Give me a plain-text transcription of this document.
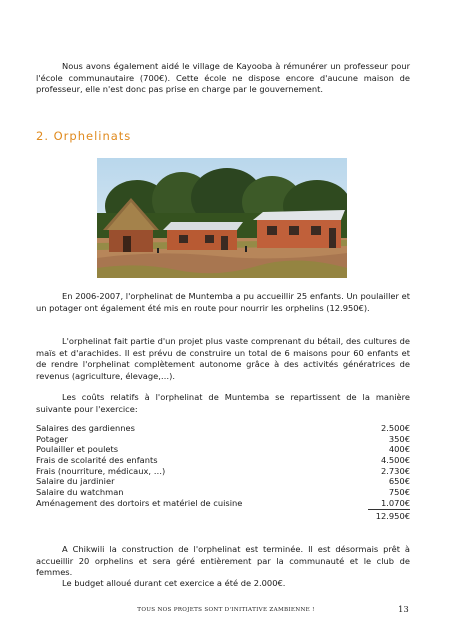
Nous avons également aidé le village de Kayooba à rémunérer un professeur pour l'école communautaire (700€). Cette école ne dispose encore d'aucune maison de professeur, elle n'est donc pas prise en charge par le gouvernement.

2. Orphelinats

En 2006-2007, l'orphelinat de Muntemba a pu accueillir 25 enfants. Un poulailler et un potager ont également été mis en route pour nourrir les orphelins (12.950€).

L'orphelinat fait partie d'un projet plus vaste comprenant du bétail, des cultures de maïs et d'arachides. Il est prévu de construire un total de 6 maisons pour 60 enfants et de rendre l'orphelinat complètement autonome grâce à des activités génératrices de revenus (agriculture, élevage,…).

Les coûts relatifs à l'orphelinat de Muntemba se repartissent de la manière suivante pour l'exercice:

Salaires des gardiennes	2.500€
Potager	350€
Poulailler et poulets	400€
Frais de scolarité des enfants	4.500€
Frais (nourriture, médicaux, …)	2.730€
Salaire du jardinier	650€
Salaire du watchman	750€
Aménagement des dortoirs et matériel de cuisine	1.070€
12.950€

A Chikwili la construction de l'orphelinat est terminée. Il est désormais prêt à accueillir 20 orphelins et sera géré entièrement par la communauté et le club de femmes.

Le budget alloué durant cet exercice a été de 2.000€.

TOUS NOS PROJETS SONT D'INITIATIVE ZAMBIENNE !	13
